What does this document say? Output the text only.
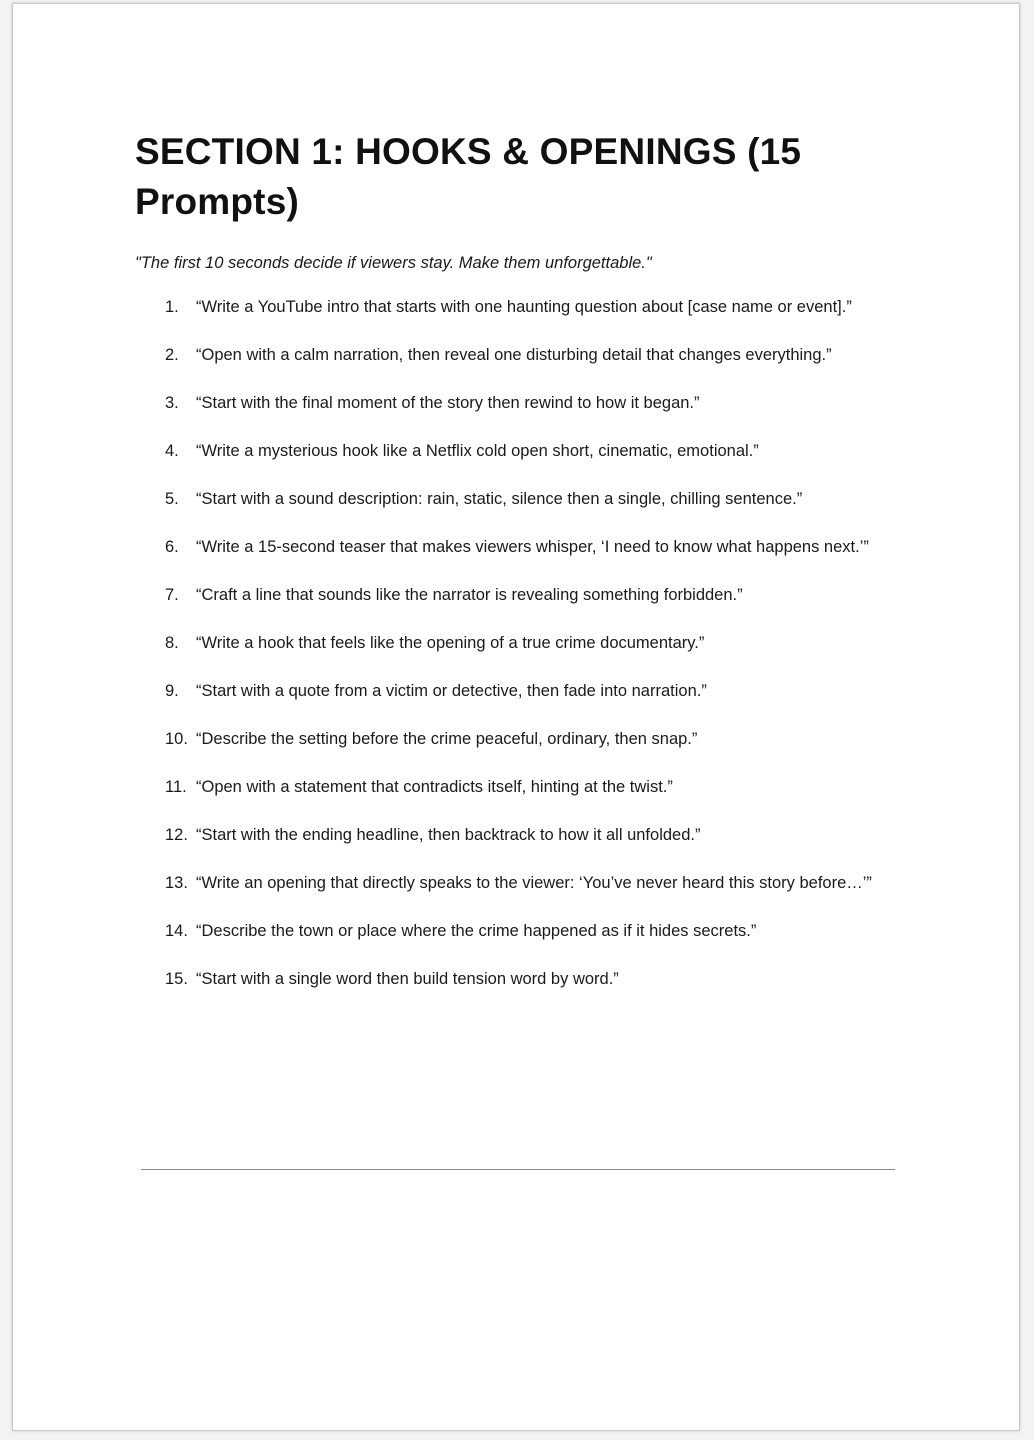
SECTION 1: HOOKS & OPENINGS (15 Prompts)

"The first 10 seconds decide if viewers stay. Make them unforgettable."

1. “Write a YouTube intro that starts with one haunting question about [case name or event].”
2. “Open with a calm narration, then reveal one disturbing detail that changes everything.”
3. “Start with the final moment of the story then rewind to how it began.”
4. “Write a mysterious hook like a Netflix cold open short, cinematic, emotional.”
5. “Start with a sound description: rain, static, silence then a single, chilling sentence.”
6. “Write a 15-second teaser that makes viewers whisper, ‘I need to know what happens next.’”
7. “Craft a line that sounds like the narrator is revealing something forbidden.”
8. “Write a hook that feels like the opening of a true crime documentary.”
9. “Start with a quote from a victim or detective, then fade into narration.”
10. “Describe the setting before the crime peaceful, ordinary, then snap.”
11. “Open with a statement that contradicts itself, hinting at the twist.”
12. “Start with the ending headline, then backtrack to how it all unfolded.”
13. “Write an opening that directly speaks to the viewer: ‘You’ve never heard this story before…’”
14. “Describe the town or place where the crime happened as if it hides secrets.”
15. “Start with a single word then build tension word by word.”
